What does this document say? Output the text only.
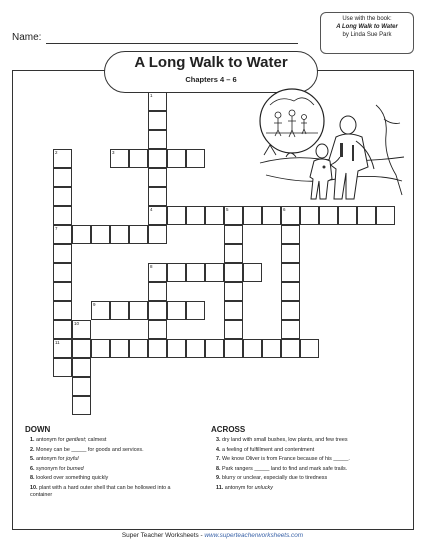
Name:
Use with the book:
A Long Walk to Water
by Linda Sue Park
A Long Walk to Water
Chapters 4 – 6
1
4
2
7
11
3
5	6
8
9
10
DOWN	ACROSS
1. antonym for gentlest; calmest
2. Money can be _____ for goods and services.
5. antonym for joyful
6. synonym for burned
8. looked over something quickly
10. plant with a hard outer shell that can be hollowed into a container
3. dry land with small bushes, low plants, and few trees
4. a feeling of fulfillment and contentment
7. We know Oliver is from France because of his _____.
8. Park rangers _____ land to find and mark safe trails.
9. blurry or unclear, especially due to tiredness
11. antonym for unlucky
Super Teacher Worksheets - www.superteacherworksheets.com
